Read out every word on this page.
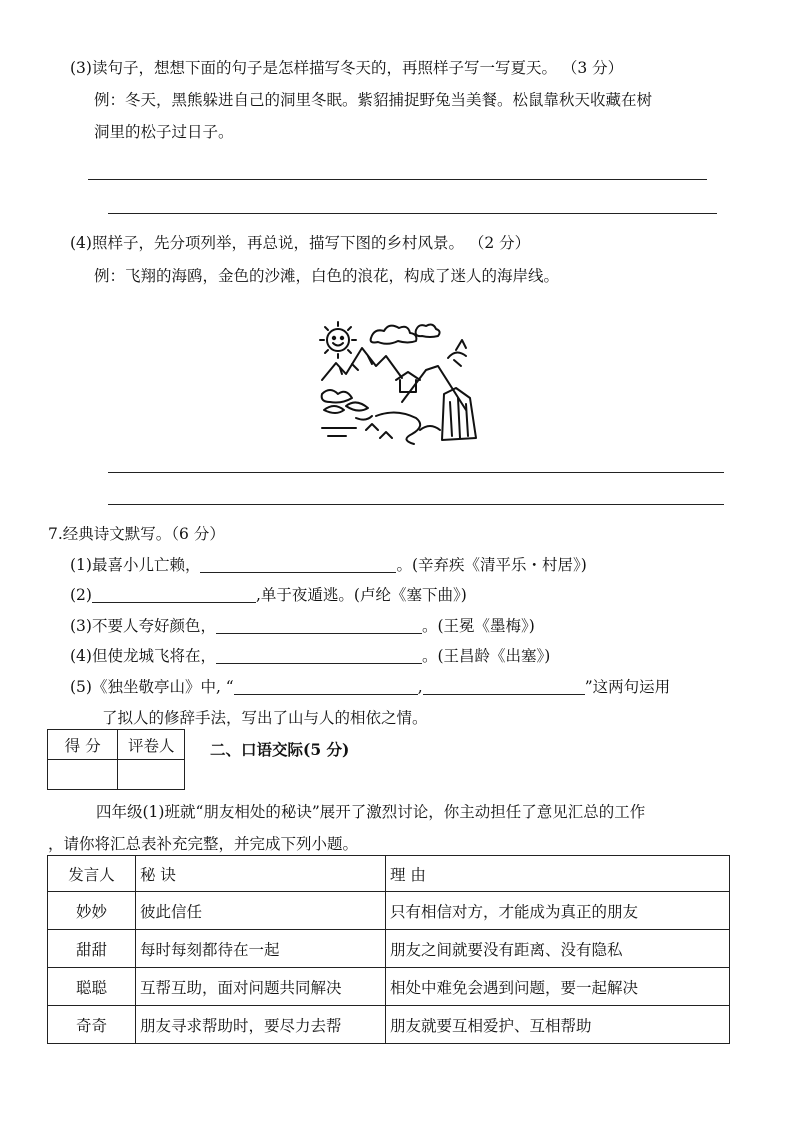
(3)读句子，想想下面的句子是怎样描写冬天的，再照样子写一写夏天。 （3 分）
例：冬天，黑熊躲进自己的洞里冬眠。紫貂捕捉野兔当美餐。松鼠靠秋天收藏在树
洞里的松子过日子。
(4)照样子，先分项列举，再总说，描写下图的乡村风景。 （2 分）
例：飞翔的海鸥，金色的沙滩，白色的浪花，构成了迷人的海岸线。
7.经典诗文默写。（6 分）
(1)最喜小儿亡赖，	。(辛弃疾《清平乐・村居》)
(2)	,单于夜遁逃。(卢纶《塞下曲》)
(3)不要人夸好颜色，	。(王冕《墨梅》)
(4)但使龙城飞将在，	。(王昌龄《出塞》)
(5)《独坐敬亭山》中, “	,	”这两句运用
了拟人的修辞手法，写出了山与人的相依之情。
得 分	评卷人
	二、口语交际(5 分)
四年级(1)班就“朋友相处的秘诀”展开了激烈讨论，你主动担任了意见汇总的工作
，请你将汇总表补充完整，并完成下列小题。
发言人	秘 诀	理 由
妙妙	彼此信任	只有相信对方，才能成为真正的朋友
甜甜	每时每刻都待在一起	朋友之间就要没有距离、没有隐私
聪聪	互帮互助，面对问题共同解决	相处中难免会遇到问题，要一起解决
奇奇	朋友寻求帮助时，要尽力去帮	朋友就要互相爱护、互相帮助
